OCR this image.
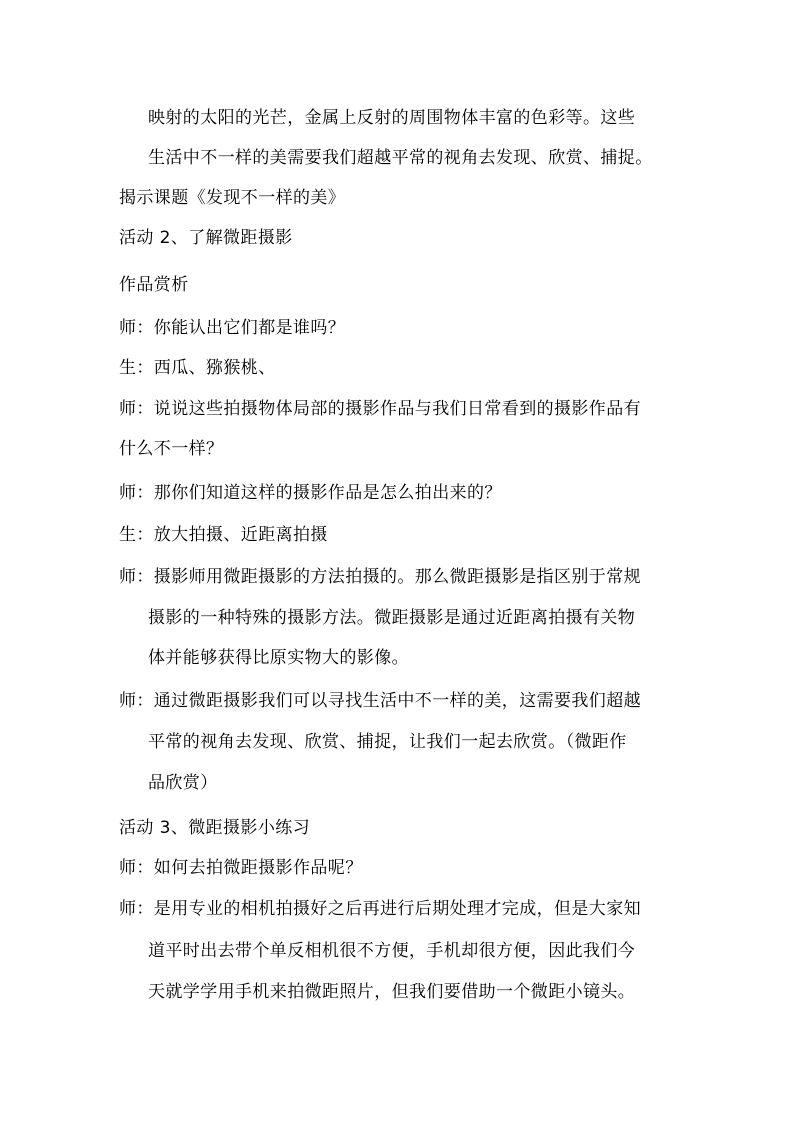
映射的太阳的光芒，金属上反射的周围物体丰富的色彩等。这些
生活中不一样的美需要我们超越平常的视角去发现、欣赏、捕捉。
揭示课题《发现不一样的美》
活动 2、了解微距摄影
作品赏析
师：你能认出它们都是谁吗？
生：西瓜、猕猴桃、
师：说说这些拍摄物体局部的摄影作品与我们日常看到的摄影作品有
什么不一样？
师：那你们知道这样的摄影作品是怎么拍出来的？
生：放大拍摄、近距离拍摄
师：摄影师用微距摄影的方法拍摄的。那么微距摄影是指区别于常规
摄影的一种特殊的摄影方法。微距摄影是通过近距离拍摄有关物
体并能够获得比原实物大的影像。
师：通过微距摄影我们可以寻找生活中不一样的美，这需要我们超越
平常的视角去发现、欣赏、捕捉，让我们一起去欣赏。（微距作
品欣赏）
活动 3、微距摄影小练习
师：如何去拍微距摄影作品呢？
师：是用专业的相机拍摄好之后再进行后期处理才完成，但是大家知
道平时出去带个单反相机很不方便，手机却很方便，因此我们今
天就学学用手机来拍微距照片，但我们要借助一个微距小镜头。
